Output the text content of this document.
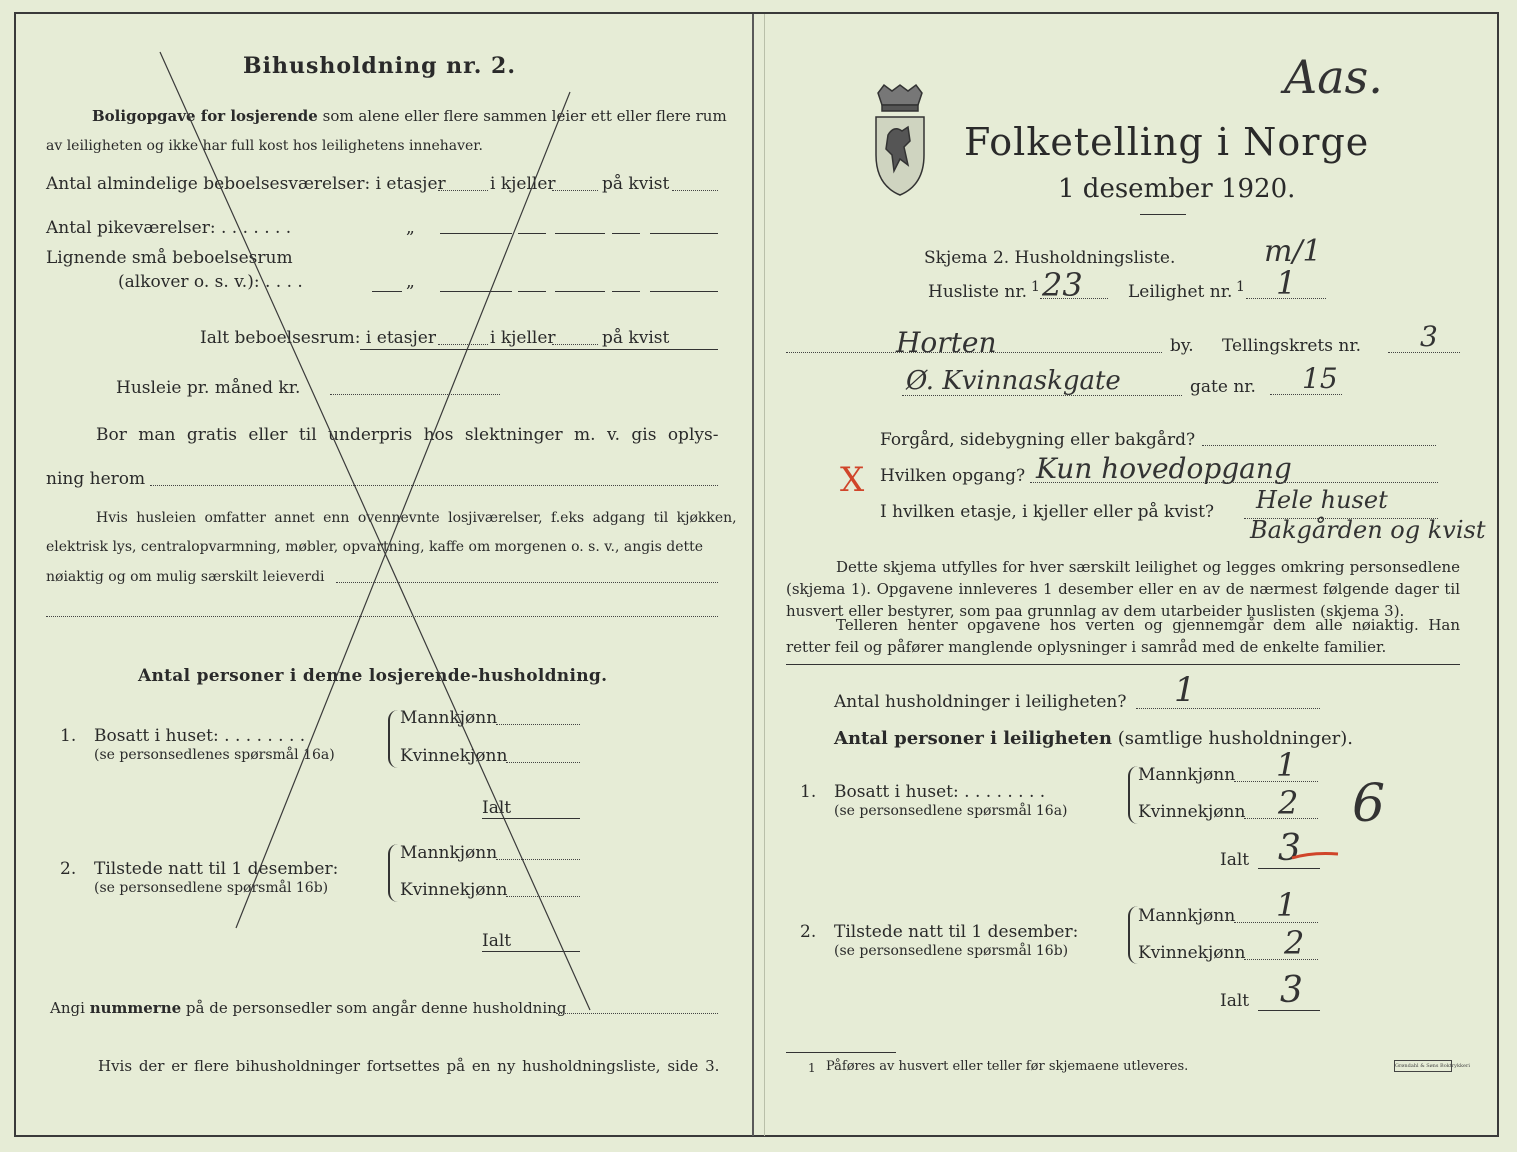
Bihusholdning nr. 2.
Boligopgave for losjerende som alene eller flere sammen leier ett eller flere rum
av leiligheten og ikke har full kost hos leilighetens innehaver.
Antal almindelige beboelsesværelser: i etasjer	i kjeller	på kvist
Antal pikeværelser: . . . . . . .	„
Lignende små beboelsesrum
(alkover o. s. v.): . . . .	„
Ialt beboelsesrum: i etasjer	i kjeller	på kvist
Husleie pr. måned kr.
Bor man gratis eller til underpris hos slektninger m. v. gis oplys-
ning herom
Hvis husleien omfatter annet enn ovennevnte losjiværelser, f.eks adgang til kjøkken,
elektrisk lys, centralopvarmning, møbler, opvartning, kaffe om morgenen o. s. v., angis dette
nøiaktig og om mulig særskilt leieverdi
Antal personer i denne losjerende-husholdning.
1. Bosatt i huset: . . . . . . . .
(se personsedlenes spørsmål 16a)
Mannkjønn
Kvinnekjønn
Ialt
2. Tilstede natt til 1 desember:
(se personsedlene spørsmål 16b)
Mannkjønn
Kvinnekjønn
Ialt
Angi nummerne på de personsedler som angår denne husholdning
Hvis der er flere bihusholdninger fortsettes på en ny husholdningsliste, side 3.
Aas.
Folketelling i Norge
1 desember 1920.
Skjema 2. Husholdningsliste.	m/1
Husliste nr. 1 23	Leilighet nr. 1 1
Horten	by. Tellingskrets nr. 3
Ø. Kvinnaskgate	gate nr. 15
Forgård, sidebygning eller bakgård?
X Hvilken opgang? Kun hovedopgang
I hvilken etasje, i kjeller eller på kvist? Hele huset
Bakgården og kvist
Dette skjema utfylles for hver særskilt leilighet og legges omkring personsedlene (skjema 1). Opgavene innleveres 1 desember eller en av de nærmest følgende dager til husvert eller bestyrer, som paa grunnlag av dem utarbeider huslisten (skjema 3).
Telleren henter opgavene hos verten og gjennemgår dem alle nøiaktig. Han retter feil og påfører manglende oplysninger i samråd med de enkelte familier.
Antal husholdninger i leiligheten? 1
Antal personer i leiligheten (samtlige husholdninger).
1. Bosatt i huset: . . . . . . . .
(se personsedlene spørsmål 16a)
Mannkjønn 1
Kvinnekjønn 2 6
Ialt 3
2. Tilstede natt til 1 desember:
(se personsedlene spørsmål 16b)
Mannkjønn 1
Kvinnekjønn 2
Ialt 3
1 Påføres av husvert eller teller før skjemaene utleveres.	Grøndahl & Søns Boktrykkeri
